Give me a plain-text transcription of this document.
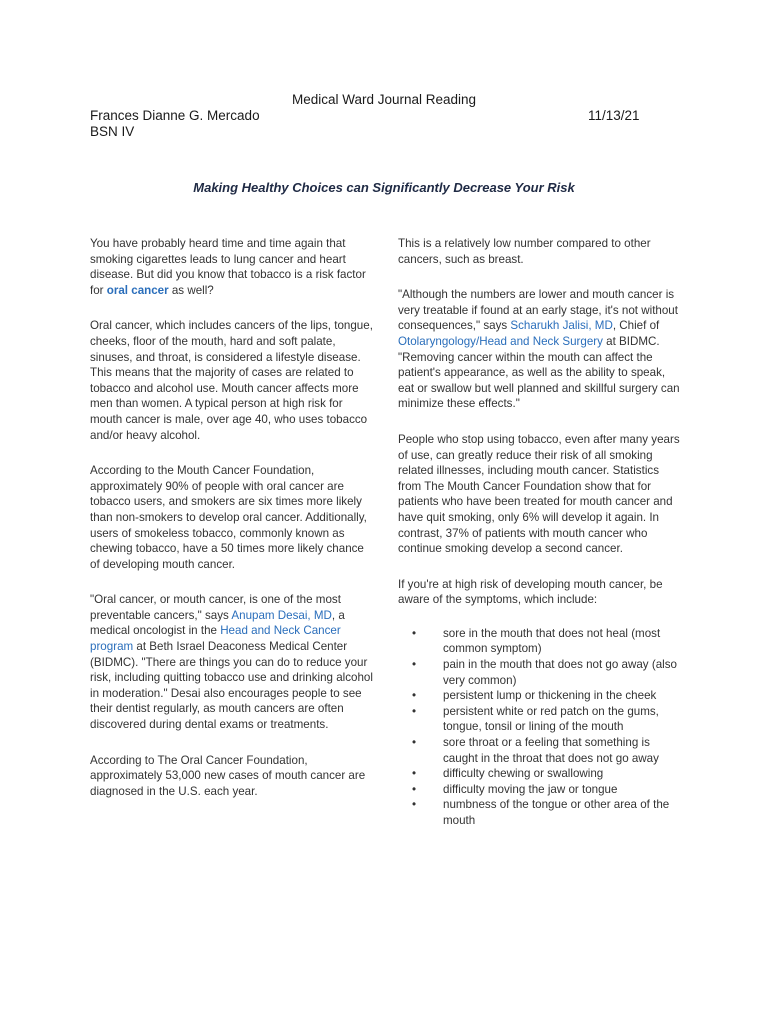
Medical Ward Journal Reading
Frances Dianne G. Mercado	11/13/21
BSN IV
Making Healthy Choices can Significantly Decrease Your Risk

You have probably heard time and time again that smoking cigarettes leads to lung cancer and heart disease. But did you know that tobacco is a risk factor for oral cancer as well?

Oral cancer, which includes cancers of the lips, tongue, cheeks, floor of the mouth, hard and soft palate, sinuses, and throat, is considered a lifestyle disease. This means that the majority of cases are related to tobacco and alcohol use. Mouth cancer affects more men than women. A typical person at high risk for mouth cancer is male, over age 40, who uses tobacco and/or heavy alcohol.

According to the Mouth Cancer Foundation, approximately 90% of people with oral cancer are tobacco users, and smokers are six times more likely than non-smokers to develop oral cancer. Additionally, users of smokeless tobacco, commonly known as chewing tobacco, have a 50 times more likely chance of developing mouth cancer.

"Oral cancer, or mouth cancer, is one of the most preventable cancers," says Anupam Desai, MD, a medical oncologist in the Head and Neck Cancer program at Beth Israel Deaconess Medical Center (BIDMC). "There are things you can do to reduce your risk, including quitting tobacco use and drinking alcohol in moderation." Desai also encourages people to see their dentist regularly, as mouth cancers are often discovered during dental exams or treatments.

According to The Oral Cancer Foundation, approximately 53,000 new cases of mouth cancer are diagnosed in the U.S. each year.

This is a relatively low number compared to other cancers, such as breast.

"Although the numbers are lower and mouth cancer is very treatable if found at an early stage, it's not without consequences," says Scharukh Jalisi, MD, Chief of Otolaryngology/Head and Neck Surgery at BIDMC. "Removing cancer within the mouth can affect the patient's appearance, as well as the ability to speak, eat or swallow but well planned and skillful surgery can minimize these effects."

People who stop using tobacco, even after many years of use, can greatly reduce their risk of all smoking related illnesses, including mouth cancer. Statistics from The Mouth Cancer Foundation show that for patients who have been treated for mouth cancer and have quit smoking, only 6% will develop it again. In contrast, 37% of patients with mouth cancer who continue smoking develop a second cancer.

If you're at high risk of developing mouth cancer, be aware of the symptoms, which include:

• sore in the mouth that does not heal (most common symptom)
• pain in the mouth that does not go away (also very common)
• persistent lump or thickening in the cheek
• persistent white or red patch on the gums, tongue, tonsil or lining of the mouth
• sore throat or a feeling that something is caught in the throat that does not go away
• difficulty chewing or swallowing
• difficulty moving the jaw or tongue
• numbness of the tongue or other area of the mouth
